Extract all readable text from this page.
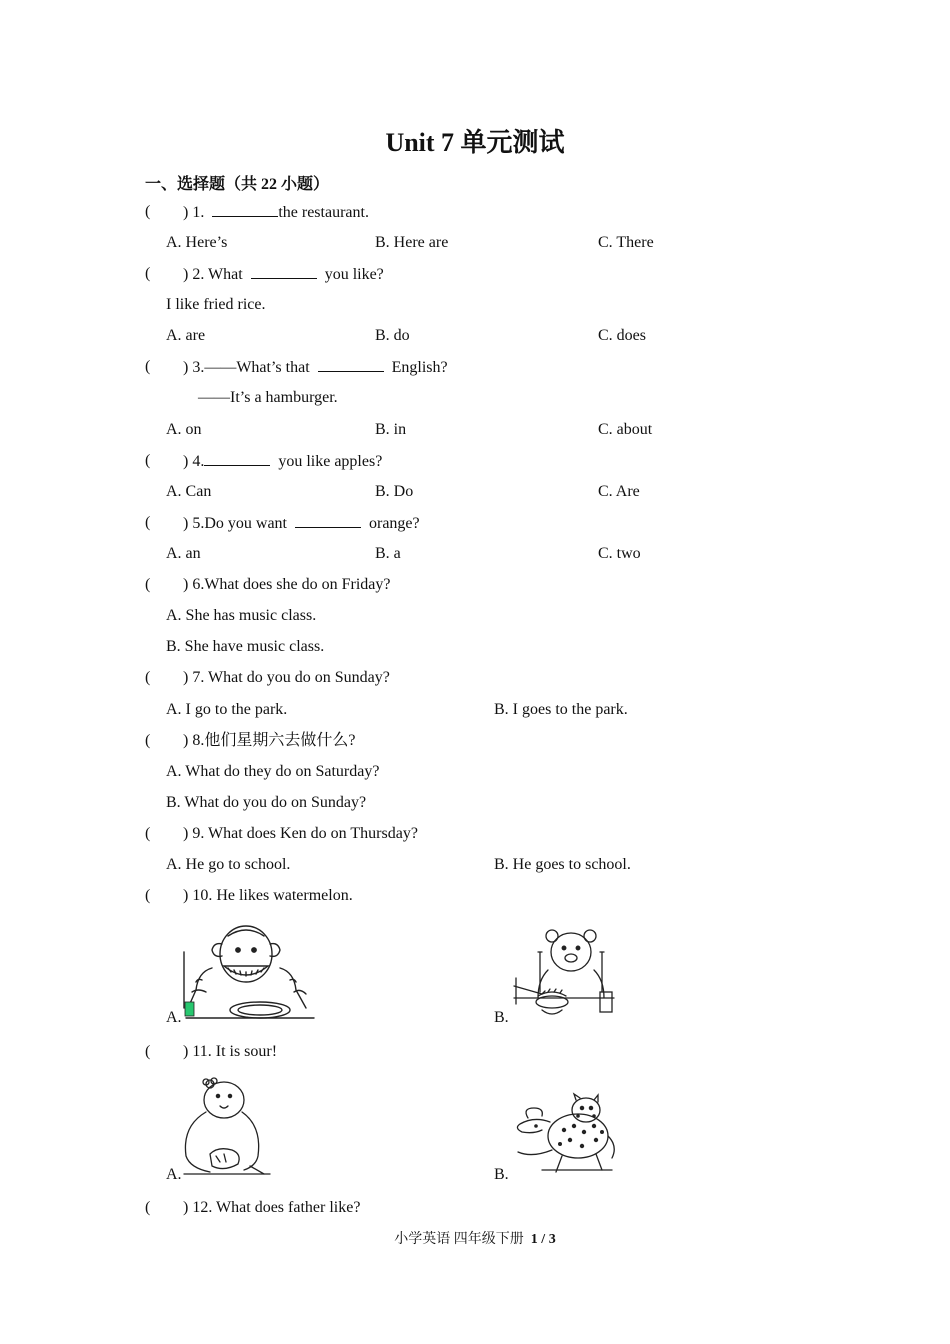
Unit 7 单元测试
一、选择题（共 22 小题）
( ) 1.	the restaurant.
A. Here’s	B. Here are	C. There
( ) 2. What	you like?
I like fried rice.
A. are	B. do	C. does
( ) 3.——What’s that	English?
——It’s a hamburger.
A. on	B. in	C. about
( ) 4.	you like apples?
A. Can	B. Do	C. Are
( ) 5.Do you want	orange?
A. an	B. a	C. two
( ) 6.What does she do on Friday?
A. She has music class.
B. She have music class.
( ) 7. What do you do on Sunday?
A. I go to the park.	B. I goes to the park.
( ) 8.他们星期六去做什么?
A. What do they do on Saturday?
B. What do you do on Sunday?
( ) 9. What does Ken do on Thursday?
A. He go to school.	B. He goes to school.
( ) 10. He likes watermelon.
A.	B.
( ) 11. It is sour!
A.	B.
( ) 12. What does father like?
小学英语 四年级下册 1 / 3
